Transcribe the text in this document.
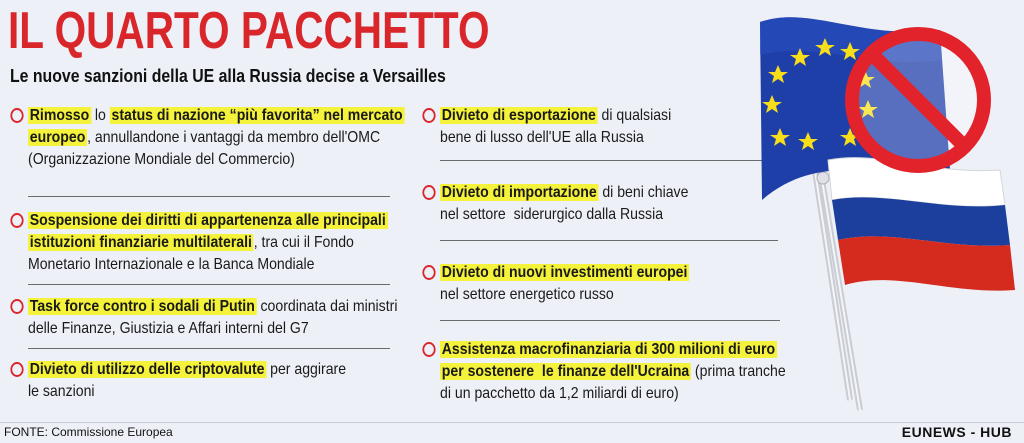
IL QUARTO PACCHETTO
Le nuove sanzioni della UE alla Russia decise a Versailles
Rimosso lo status di nazione “più favorita” nel mercato
europeo , annullandone i vantaggi da membro dell'OMC
(Organizzazione Mondiale del Commercio)
Sospensione dei diritti di appartenenza alle principali
istituzioni finanziarie multilaterali , tra cui il Fondo
Monetario Internazionale e la Banca Mondiale
Task force contro i sodali di Putin coordinata dai ministri
delle Finanze, Giustizia e Affari interni del G7
Divieto di utilizzo delle criptovalute per aggirare
le sanzioni
Divieto di esportazione di qualsiasi
bene di lusso dell'UE alla Russia
Divieto di importazione di beni chiave
nel settore  siderurgico dalla Russia
Divieto di nuovi investimenti europei
nel settore energetico russo
Assistenza macrofinanziaria di 300 milioni di euro
per sostenere  le finanze dell'Ucraina (prima tranche
di un pacchetto da 1,2 miliardi di euro)
FONTE: Commissione Europea	EUNEWS - HUB
